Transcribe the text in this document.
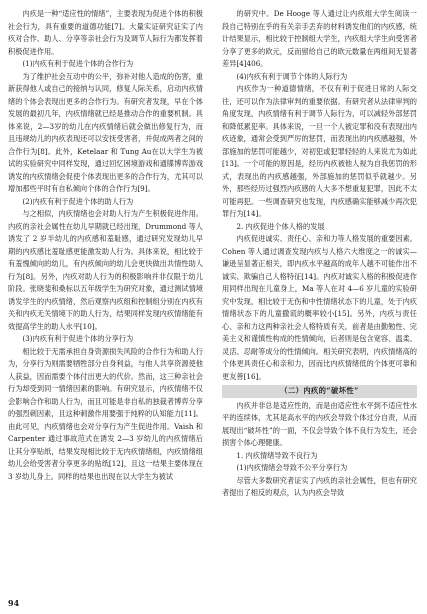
内疚是一种“适应性的情绪”，主要表现为促进个体的积极社会行为，具有重要的道德功能[7]。大量实证研究证实了内疚对合作、助人、分享等亲社会行为及调节人际行为都发挥着积极促进作用。

(1)内疚有利于促进个体的合作行为

为了维护社会互动中的公平，弥补对他人造成的伤害，重新获得他人或自己的接纳与认同，修复人际关系，启动内疚情绪的个体会表现出更多的合作行为。有研究者发现，早在个体发展的最初几年，内疚情绪就已经是推动合作的重要机制。具体来说，2—3岁的幼儿在内疚情绪后就会做出修复行为，而且违规幼儿的内疚表现还可以安抚受害者，并促成两者之间的合作行为[8]。此外，Ketelaar 和 Tung Au在以大学生为被试的实验研究中同样发现，通过回忆困境游戏和通牒博弈游戏诱发的内疚情绪会促使个体表现出更多的合作行为，尤其可以增加那些平时有自私倾向个体的合作行为[9]。

(2)内疚有利于促进个体的助人行为

与之相似，内疚情绪也会对助人行为产生积极促进作用。内疚的亲社会属性在幼儿早期就已经出现，Drummond 等人诱发了 2 岁半幼儿的内疚感和羞耻感，通过研究发现幼儿早期的内疚感比羞耻感更能激发助人行为。具体来说，相比较于有羞愧倾向的幼儿，有内疚倾向的幼儿会更快做出共情性助人行为[8]。另外，内疚对助人行为的积极影响并非仅限于幼儿阶段。张晓斐和桑标以五年级学生为研究对象，通过测试情境诱发学生的内疚情绪，然后观察内疚组和控制组分别在内疚有关和内疚无关情境下的助人行为，结果同样发现内疚情绪能有效提高学生的助人水平[10]。

(3)内疚有利于促进个体的分享行为

相比较于无需承担自身资源损失风险的合作行为和助人行为，分享行为则需要牺牲部分自身利益，与他人共享资源使他人获益，因而需要个体付出更大的代价。然而，这三种亲社会行为却受到同一情绪因素的影响。有研究显示，内疚情绪不仅会影响合作和助人行为，而且可能是非自私的独裁者博弈分享的强烈刺因素，且这种刺激作用要强于纯粹的认知能力[11]。由此可见，内疚情绪也会对分享行为产生促进作用。Vaish 和 Carpenter 通过事故范式在诱发 2—3 岁幼儿的内疚情绪后让其分享贴纸，结果发现相比较于无内疚情绪组，内疚情绪组幼儿会给受害者分享更多的贴纸[12]，且这一结果主要体现在 3 岁幼儿身上。同样的结果也出现在以大学生为被试

的研究中。De Hooge 等人通过让内疚组大学生阅读一段自己特别在乎的有关亲手丢弃的材料诱发他们的内疚感，统计结果显示，相比较于控制组大学生，内疚组大学生向受害者分享了更多的欧元，反而留给自己的欧元数量在两组间无显著差异[4]406。

(4)内疚有利于调节个体的人际行为

内疚作为一种道德情绪，不仅有利于促进日常的人际交往，还可以作为法律审判的重要依据。有研究者从法律审判的角度发现，内疚情绪有利于调节人际行为，可以减轻外部惩罚和降低累犯率。具体来说，一旦一个人被定罪和没有表现出内疚迹象，通常会受到严厉的惩罚，而表现出的内疚感越强，外部施加的惩罚可能越少，对初犯或犯罪轻轻的人来说尤为如此[13]。一个可能的原因是，经历内疚被他人视为自我惩罚的形式，表现出的内疚感越强，外部施加的惩罚似乎就越少。另外，那些经历过强烈内疚感的人大多不想重复犯罪，因此不太可能再犯。一些调查研究也发现，内疚感确实能够减少再次犯罪行为[14]。

2. 内疚促进个体人格的发展

内疚促进诚实、责任心、亲和力等人格发展的重要因素。Cohen 等人通过调查发现内疚与人格六大维度之一的诚实—谦逊呈显著正相关，即内疚水平越高的成年人越不可能作出不诚实、欺骗自己人格特征[14]。内疚对诚实人格的积极促进作用同样出现在儿童身上，Ma 等人在对 4—6 岁儿童的实验研究中发现，相比较于无伤和中性情绪状态下的儿童，处于内疚情绪状态下的儿童撒谎的概率较小[15]。另外，内疚与责任心、亲和力这两种亲社会人格特质有关。前者是由勤勉性、完美主义和谨慎性构成的性情倾向，后者则是包含宽容、温柔、灵活、忍耐等成分的性情倾向。相关研究表明，内疚情绪高的个体更具责任心和亲和力，因而比内疚情绪低的个体更可靠和更友善[16]。

（二）内疚的“破坏性”

内疚并非总是适应性的，而是由适应性水平到不适应性水平的连续体，尤其是高水平的内疚会导致个体过分自责，从而展现出“破坏性”的一面，不仅会导致个体不良行为发生，还会损害个体心理健康。

1. 内疚情绪导致不良行为

(1)内疚情绪会导致不公平分享行为

尽管大多数研究者证实了内疚的亲社会属性，但也有研究者提出了相反的观点，认为内疚会导致

94
